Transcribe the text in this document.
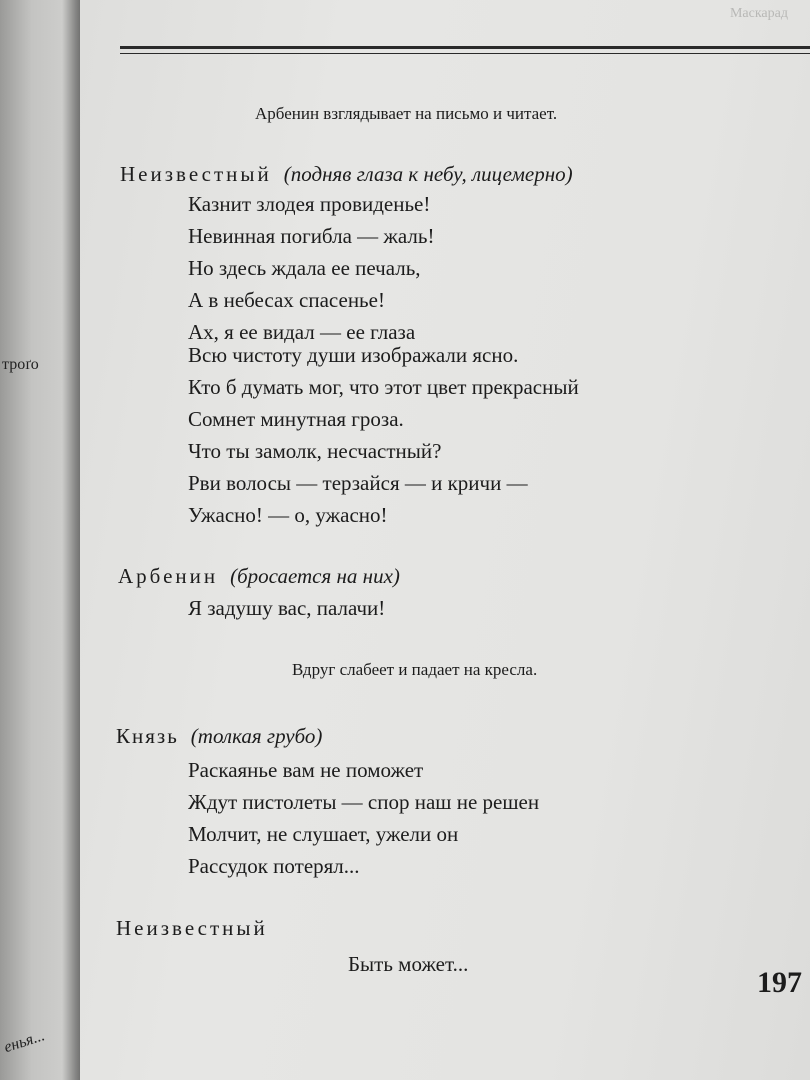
троґо
енья...
Маскарад
Арбенин взглядывает на письмо и читает.
Неизвестный (подняв глаза к небу, лицемерно)
Казнит злодея провиденье!
Невинная погибла — жаль!
Но здесь ждала ее печаль,
А в небесах спасенье!
Ах, я ее видал — ее глаза
Всю чистоту души изображали ясно.
Кто б думать мог, что этот цвет прекрасный
Сомнет минутная гроза.
Что ты замолк, несчастный?
Рви волосы — терзайся — и кричи —
Ужасно! — о, ужасно!
Арбенин (бросается на них)
Я задушу вас, палачи!
Вдруг слабеет и падает на кресла.
Князь (толкая грубо)
Раскаянье вам не поможет
Ждут пистолеты — спор наш не решен
Молчит, не слушает, ужели он
Рассудок потерял...
Неизвестный
Быть может...
197
